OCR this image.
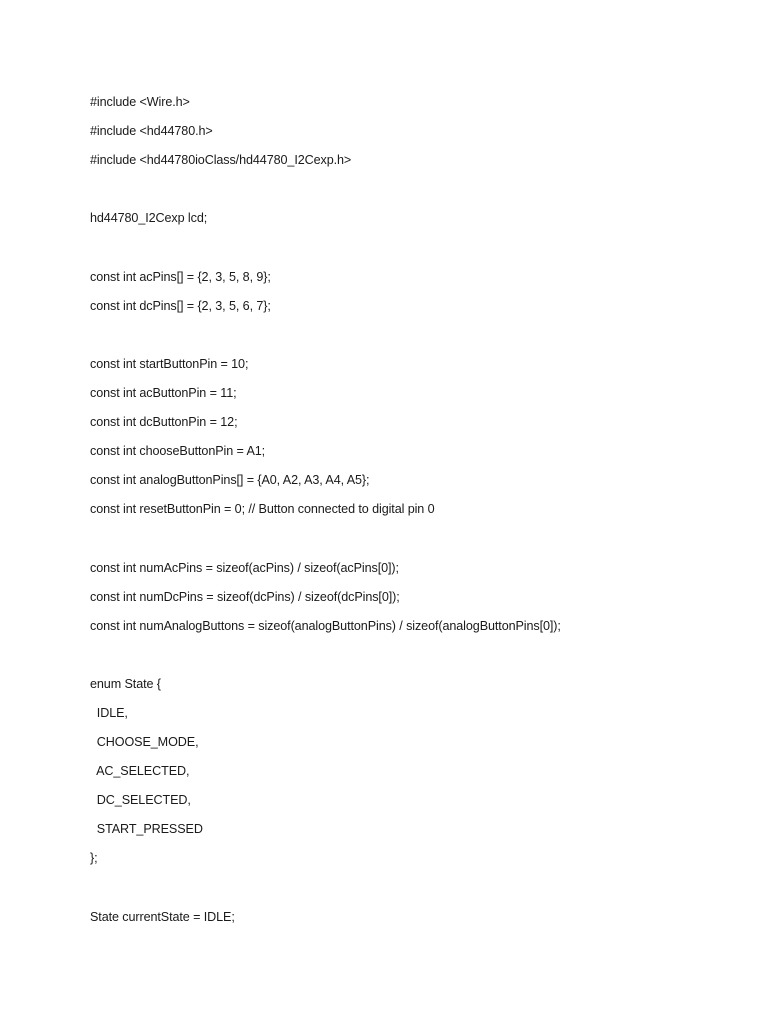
#include <Wire.h>
#include <hd44780.h>
#include <hd44780ioClass/hd44780_I2Cexp.h>
hd44780_I2Cexp lcd;
const int acPins[] = {2, 3, 5, 8, 9};
const int dcPins[] = {2, 3, 5, 6, 7};
const int startButtonPin = 10;
const int acButtonPin = 11;
const int dcButtonPin = 12;
const int chooseButtonPin = A1;
const int analogButtonPins[] = {A0, A2, A3, A4, A5};
const int resetButtonPin = 0; // Button connected to digital pin 0
const int numAcPins = sizeof(acPins) / sizeof(acPins[0]);
const int numDcPins = sizeof(dcPins) / sizeof(dcPins[0]);
const int numAnalogButtons = sizeof(analogButtonPins) / sizeof(analogButtonPins[0]);
enum State {
IDLE,
CHOOSE_MODE,
AC_SELECTED,
DC_SELECTED,
START_PRESSED
};
State currentState = IDLE;
